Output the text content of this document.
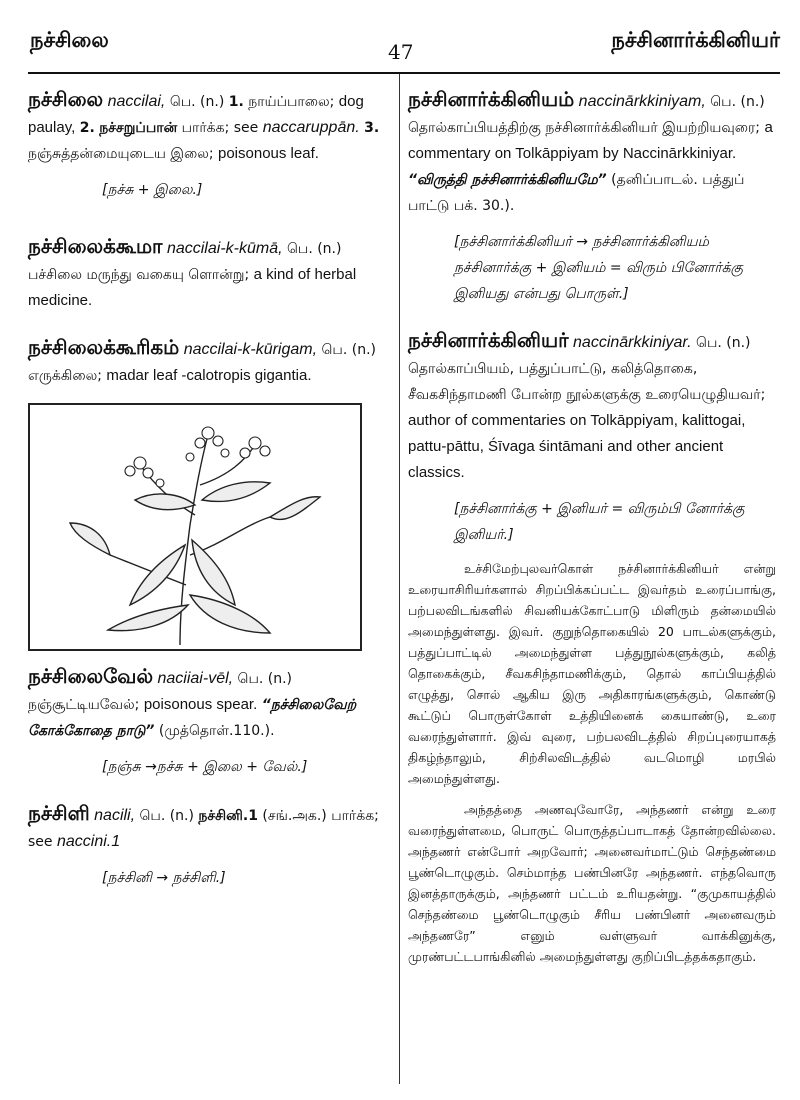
நச்சிலை	47	நச்சினார்க்கினியர்
நச்சிலை naccilai, பெ. (n.) 1. நாய்ப்பாலை; dog paulay, 2. நச்சறுப்பான் பார்க்க; see naccaruppān. 3. நஞ்சுத்தன்மையுடைய இலை; poisonous leaf.
[நச்சு + இலை.]
நச்சிலைக்கூமா naccilai-k-kūmā, பெ. (n.) பச்சிலை மருந்து வகையு ளொன்று; a kind of herbal medicine.
நச்சிலைக்கூரிகம் naccilai-k-kūrigam, பெ. (n.) எருக்கிலை; madar leaf -calotropis gigantia.
நச்சிலைவேல் naciiai-vēl, பெ. (n.) நஞ்சூட்டியவேல்; poisonous spear. “நச்சிலைவேற் கோக்கோதை நாடு” (முத்தொள்.110.).
[நஞ்சு →நச்சு + இலை + வேல்.]
நச்சிளி nacili, பெ. (n.) நச்சினி.1 (சங்.அக.) பார்க்க; see naccini.1
[நச்சினி → நச்சிளி.]
நச்சினார்க்கினியம் naccinārkkiniyam, பெ. (n.) தொல்காப்பியத்திற்கு நச்சினார்க்கினியர் இயற்றியவுரை; a commentary on Tolkāppiyam by Naccinārkkiniyar. “விருத்தி நச்சினார்க்கினியமே” (தனிப்பாடல். பத்துப் பாட்டு பக். 30.).
[நச்சினார்க்கினியர் → நச்சினார்க்கினியம் நச்சினார்க்கு + இனியம் = விரும் பினோர்க்கு இனியது என்பது பொருள்.]
நச்சினார்க்கினியர் naccinārkkiniyar. பெ. (n.) தொல்காப்பியம், பத்துப்பாட்டு, கலித்தொகை, சீவகசிந்தாமணி போன்ற நூல்களுக்கு உரையெழுதியவர்; author of commentaries on Tolkāppiyam, kalittogai, pattu-pāttu, Śīvaga śintāmani and other ancient classics.
[நச்சினார்க்கு + இனியர் = விரும்பி னோர்க்கு இனியர்.]

உச்சிமேற்புலவர்கொள் நச்சினார்க்கினியர் என்று உரையாசிரியர்களால் சிறப்பிக்கப்பட்ட இவர்தம் உரைப்பாங்கு, பற்பலவிடங்களில் சிவனியக்கோட்பாடு மிளிரும் தன்மையில் அமைந்துள்ளது. இவர். குறுந்தொகையில் 20 பாடல்களுக்கும், பத்துப்பாட்டில் அமைந்துள்ள பத்துநூல்களுக்கும், கலித் தொகைக்கும், சீவகசிந்தாமணிக்கும், தொல் காப்பியத்தில் எழுத்து, சொல் ஆகிய இரு அதிகாரங்களுக்கும், கொண்டு கூட்டுப் பொருள்கோள் உத்தியினைக் கையாண்டு, உரை வரைந்துள்ளார். இவ் வுரை, பற்பலவிடத்தில் சிறப்புரையாகத் திகழ்ந்தாலும், சிற்சிலவிடத்தில் வடமொழி மரபில் அமைந்துள்ளது.

அந்தத்தை அணவுவோரே, அந்தணர் என்று உரை வரைந்துள்ளமை, பொருட் பொருத்தப்பாடாகத் தோன்றவில்லை. அந்தணர் என்போர் அறவோர்; அனைவர்மாட்டும் செந்தண்மை பூண்டொழுகும். செம்மாந்த பண்பினரே அந்தணர். எந்தவொரு இனத்தாருக்கும், அந்தணர் பட்டம் உரியதன்று. “குமுகாயத்தில் செந்தண்மை பூண்டொழுகும் சீரிய பண்பினர் அனைவரும் அந்தணரே” எனும் வள்ளுவர் வாக்கினுக்கு, முரண்பட்டபாங்கினில் அமைந்துள்ளது குறிப்பிடத்தக்கதாகும்.
